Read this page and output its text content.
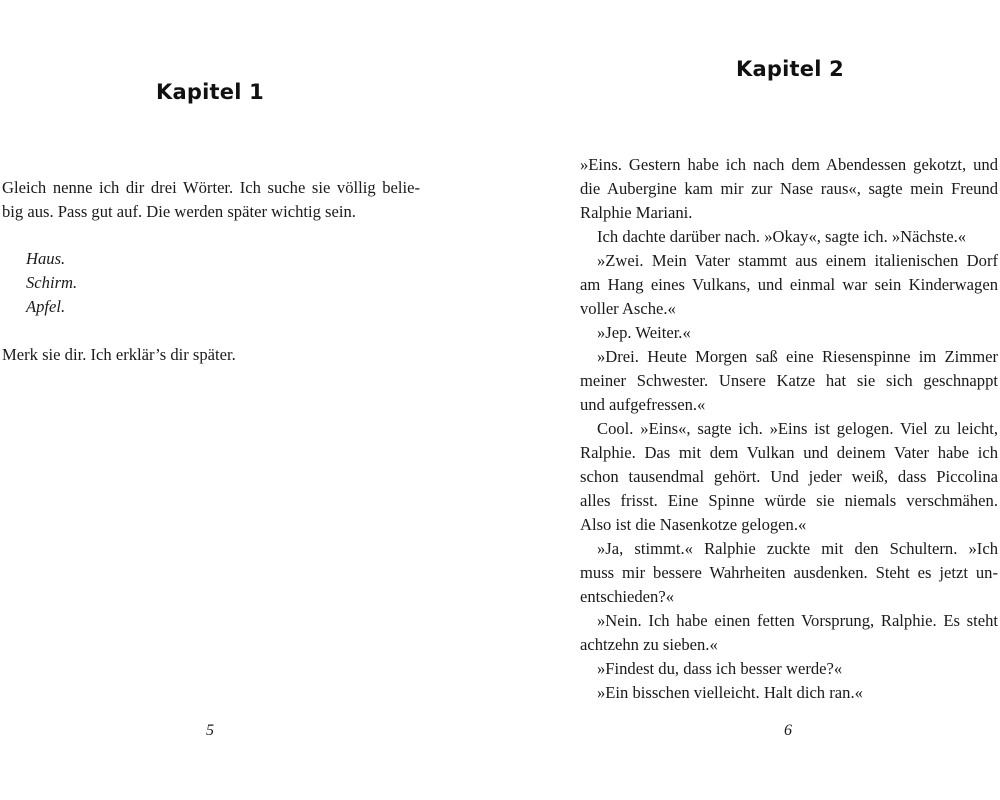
Kapitel 1
Gleich nenne ich dir drei Wörter. Ich suche sie völlig belie-
big aus. Pass gut auf. Die werden später wichtig sein.
Haus.
Schirm.
Apfel.
Merk sie dir. Ich erklär’s dir später.
5
Kapitel 2
»Eins. Gestern habe ich nach dem Abendessen gekotzt, und
die Aubergine kam mir zur Nase raus«, sagte mein Freund
Ralphie Mariani.
Ich dachte darüber nach. »Okay«, sagte ich. »Nächste.«
»Zwei. Mein Vater stammt aus einem italienischen Dorf
am Hang eines Vulkans, und einmal war sein Kinderwagen
voller Asche.«
»Jep. Weiter.«
»Drei. Heute Morgen saß eine Riesenspinne im Zimmer
meiner Schwester. Unsere Katze hat sie sich geschnappt
und aufgefressen.«
Cool. »Eins«, sagte ich. »Eins ist gelogen. Viel zu leicht,
Ralphie. Das mit dem Vulkan und deinem Vater habe ich
schon tausendmal gehört. Und jeder weiß, dass Piccolina
alles frisst. Eine Spinne würde sie niemals verschmähen.
Also ist die Nasenkotze gelogen.«
»Ja, stimmt.« Ralphie zuckte mit den Schultern. »Ich
muss mir bessere Wahrheiten ausdenken. Steht es jetzt un-
entschieden?«
»Nein. Ich habe einen fetten Vorsprung, Ralphie. Es steht
achtzehn zu sieben.«
»Findest du, dass ich besser werde?«
»Ein bisschen vielleicht. Halt dich ran.«
6
